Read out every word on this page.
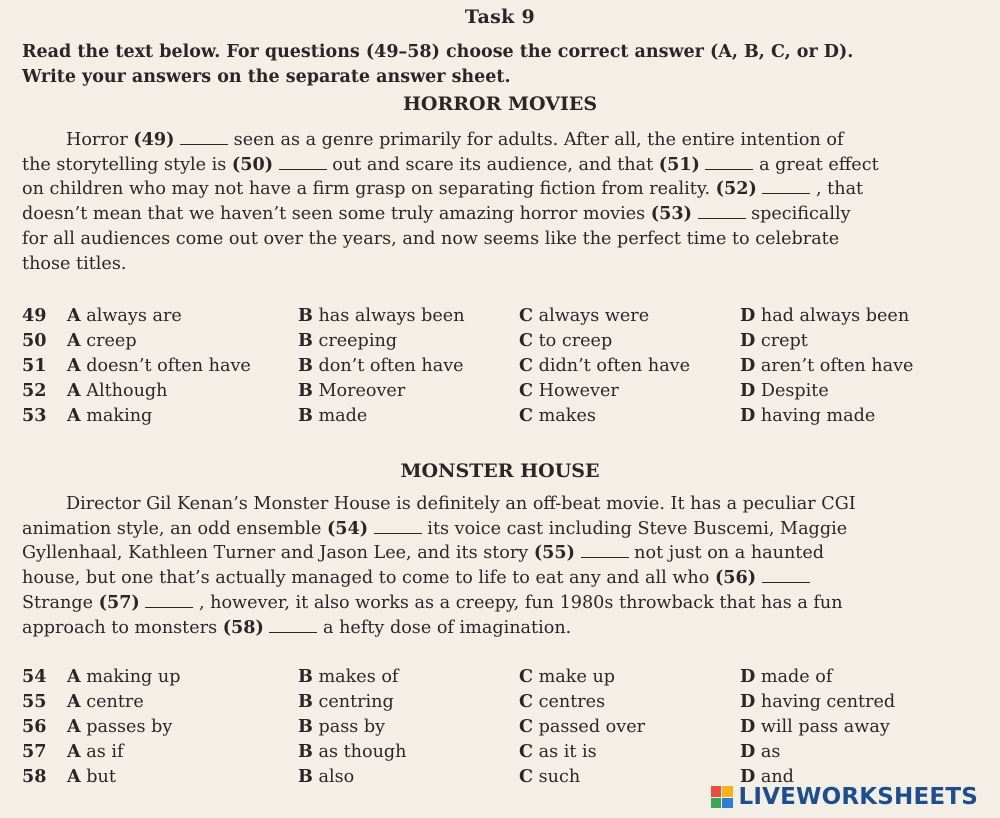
Task 9
Read the text below. For questions (49–58) choose the correct answer (A, B, C, or D).
Write your answers on the separate answer sheet.
HORROR MOVIES
Horror (49)	seen as a genre primarily for adults. After all, the entire intention of
the storytelling style is (50)	out and scare its audience, and that (51)	a great effect
on children who may not have a firm grasp on separating fiction from reality. (52)	, that
doesn’t mean that we haven’t seen some truly amazing horror movies (53)	specifically
for all audiences come out over the years, and now seems like the perfect time to celebrate
those titles.
49 A always are	B has always been	C always were	D had always been
50 A creep	B creeping	C to creep	D crept
51 A doesn’t often have	B don’t often have	C didn’t often have	D aren’t often have
52 A Although	B Moreover	C However	D Despite
53 A making	B made	C makes	D having made
MONSTER HOUSE
Director Gil Kenan’s Monster House is definitely an off-beat movie. It has a peculiar CGI
animation style, an odd ensemble (54)	its voice cast including Steve Buscemi, Maggie
Gyllenhaal, Kathleen Turner and Jason Lee, and its story (55)	not just on a haunted
house, but one that’s actually managed to come to life to eat any and all who (56)
Strange (57)	, however, it also works as a creepy, fun 1980s throwback that has a fun
approach to monsters (58)	a hefty dose of imagination.
54 A making up	B makes of	C make up	D made of
55 A centre	B centring	C centres	D having centred
56 A passes by	B pass by	C passed over	D will pass away
57 A as if	B as though	C as it is	D as
58 A but	B also	C such	D and
LIVEWORKSHEETS
